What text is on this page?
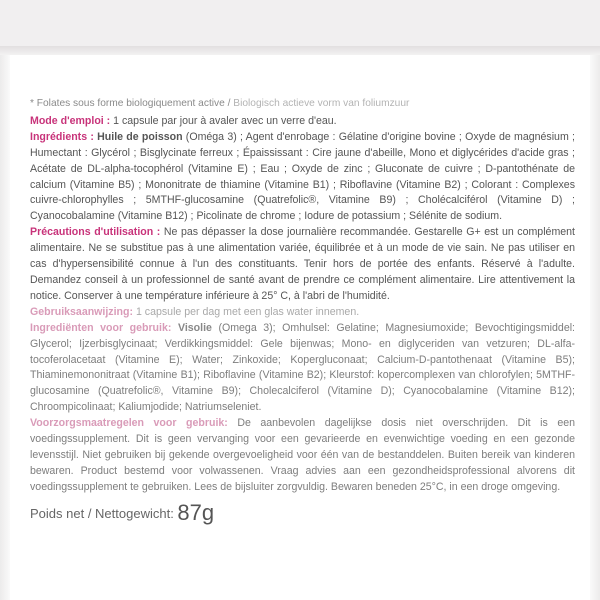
* Folates sous forme biologiquement active / Biologisch actieve vorm van foliumzuur

Mode d'emploi : 1 capsule par jour à avaler avec un verre d'eau.

Ingrédients : Huile de poisson (Oméga 3) ; Agent d'enrobage : Gélatine d'origine bovine ; Oxyde de magnésium ; Humectant : Glycérol ; Bisglycinate ferreux ; Épaississant : Cire jaune d'abeille, Mono et diglycérides d'acide gras ; Acétate de DL-alpha-tocophérol (Vitamine E) ; Eau ; Oxyde de zinc ; Gluconate de cuivre ; D-pantothénate de calcium (Vitamine B5) ; Mononitrate de thiamine (Vitamine B1) ; Riboflavine (Vitamine B2) ; Colorant : Complexes cuivre-chlorophylles ; 5MTHF-glucosamine (Quatrefolic®, Vitamine B9) ; Cholécalciférol (Vitamine D) ; Cyanocobalamine (Vitamine B12) ; Picolinate de chrome ; Iodure de potassium ; Sélénite de sodium.

Précautions d'utilisation : Ne pas dépasser la dose journalière recommandée. Gestarelle G+ est un complément alimentaire. Ne se substitue pas à une alimentation variée, équilibrée et à un mode de vie sain. Ne pas utiliser en cas d'hypersensibilité connue à l'un des constituants. Tenir hors de portée des enfants. Réservé à l'adulte. Demandez conseil à un professionnel de santé avant de prendre ce complément alimentaire. Lire attentivement la notice. Conserver à une température inférieure à 25° C, à l'abri de l'humidité.

Gebruiksaanwijzing: 1 capsule per dag met een glas water innemen.

Ingrediënten voor gebruik: Visolie (Omega 3); Omhulsel: Gelatine; Magnesiumoxide; Bevochtigingsmiddel: Glycerol; Ijzerbisglycinaat; Verdikkingsmiddel: Gele bijenwas; Mono- en diglyceriden van vetzuren; DL-alfa-tocoferolacetaat (Vitamine E); Water; Zinkoxide; Kopergluconaat; Calcium-D-pantothenaat (Vitamine B5); Thiaminemononitraat (Vitamine B1); Riboflavine (Vitamine B2); Kleurstof: kopercomplexen van chlorofylen; 5MTHF-glucosamine (Quatrefolic®, Vitamine B9); Cholecalciferol (Vitamine D); Cyanocobalamine (Vitamine B12); Chroompicolinaat; Kaliumjodide; Natriumseleniet.

Voorzorgsmaatregelen voor gebruik: De aanbevolen dagelijkse dosis niet overschrijden. Dit is een voedingssupplement. Dit is geen vervanging voor een gevarieerde en evenwichtige voeding en een gezonde levensstijl. Niet gebruiken bij gekende overgevoeligheid voor één van de bestanddelen. Buiten bereik van kinderen bewaren. Product bestemd voor volwassenen. Vraag advies aan een gezondheidsprofessional alvorens dit voedingssupplement te gebruiken. Lees de bijsluiter zorgvuldig. Bewaren beneden 25°C, in een droge omgeving.

Poids net / Nettogewicht: 87g
